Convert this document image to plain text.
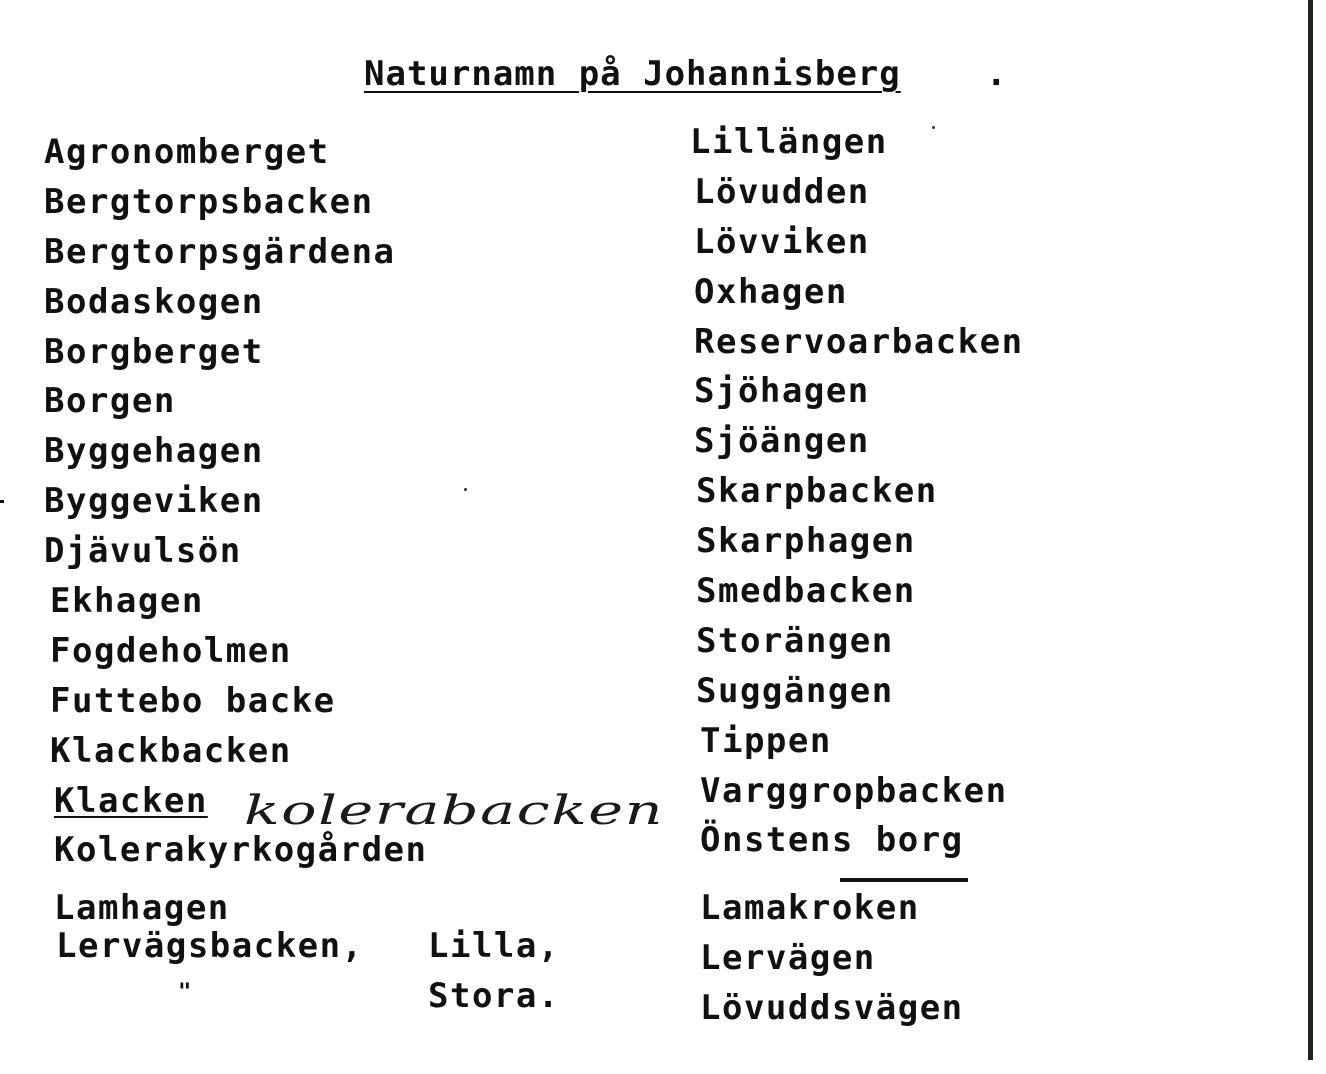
Naturnamn på Johannisberg	.
Agronomberget
Bergtorpsbacken
Bergtorpsgärdena
Bodaskogen
Borgberget
Borgen
Byggehagen
Byggeviken
Djävulsön
Ekhagen
Fogdeholmen
Futtebo backe
Klackbacken
Klacken
Kolerakyrkogården
Lamhagen
kolerabacken
Lervägsbacken, Lilla,
"	Stora.
Lillängen
Lövudden
Lövviken
Oxhagen
Reservoarbacken
Sjöhagen
Sjöängen
Skarpbacken
Skarphagen
Smedbacken
Storängen
Suggängen
Tippen
Varggropbacken
Önstens borg
Lamakroken
Lervägen
Lövuddsvägen
